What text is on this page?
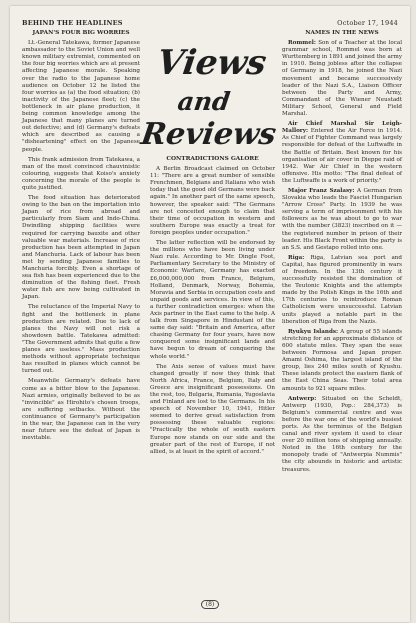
BEHIND THE HEADLINES	October 17, 1944

JAPAN'S FOUR BIG WORRIES

Lt.-General Tatekawa, former Japanese ambassador to the Soviet Union and well known military extremist, commented on the four big worries which are at present affecting Japanese morale. Speaking over the radio to the Japanese home audience on October 12 he listed the four worries as (a) the food situation; (b) inactivity of the Japanese fleet; (c) the bottleneck in air plane production, it being common knowledge among the Japanese that many planes are turned out defective; and (d) Germany's defeats which are described as causing a "disheartening" effect on the Japanese people.

This frank admission from Tatekawa, a man of the most convinced chauvinistic colouring, suggests that Koiso's anxiety concerning the morale of the people is quite justified.

The food situation has deteriorated owing to the ban on the importation into Japan of rice from abroad and particularly from Siam and Indo-China. Dwindling shipping facilities were required for carrying bauxite and other valuable war materials. Increase of rice production has been attempted in Japan and Manchuria. Lack of labour has been met by sending Japanese families to Manchuria forcibly. Even a shortage of sea fish has been experienced due to the diminution of the fishing fleet. Fresh water fish are now being cultivated in Japan.

The reluctance of the Imperial Navy to fight and the bottleneck in plane production are related. Due to lack of planes the Navy will not risk a showdown battle. Tatekawa admitted: "The Government admits that quite a few planes are useless." Mass production methods without appropriate technique has resulted in planes which cannot be turned out.

Meanwhile Germany's defeats have come as a bitter blow to the Japanese. Nazi armies, originally believed to be as "invincible" as Hirohito's chosen troops, are suffering setbacks. Without the continuance of Germany's participation in the war, the Japanese can in the very near future see the defeat of Japan is inevitable.

Views
and
Reviews

CONTRADICTIONS GALORE

A Berlin Broadcast claimed on October 11: "There are a great number of sensible Frenchmen, Belgians and Italians who wish today that the good old Germans were back again." In another part of the same speech, however, the speaker said: "The Germans are not conceited enough to claim that their time of occupation in western and southern Europe was exactly a treat for foreign peoples under occupation."

The latter reflection will be endorsed by the millions who have been living under Nazi rule. According to Mr. Dingle Foot, Parliamentary Secretary to the Ministry of Economic Warfare, Germany has exacted £6,000,000,000 from France, Belgium, Holland, Denmark, Norway, Bohemia, Moravia and Serbia in occupation costs and unpaid goods and services. In view of this, a further contradiction emerges: when the Axis partner in the East came to the help. A talk from Singapore in Hindustani of the same day said: "Britain and America, after chasing Germany for four years, have now conquered some insignificant lands and have begun to dream of conquering the whole world."

The Axis sense of values must have changed greatly if now they think that North Africa, France, Belgium, Italy and Greece are insignificant possessions. On the rest, too, Bulgaria, Rumania, Yugoslavia and Finland are lost to the Germans. In his speech of November 10, 1941, Hitler seemed to derive great satisfaction from possessing these valuable regions: "Practically the whole of south eastern Europe now stands on our side and the greater part of the rest of Europe, if not allied, is at least in the spirit of accord."

NAMES IN THE NEWS

Rommel: Son of a Teacher at the local grammar school, Rommel was born at Wurttemberg in 1891 and joined the army in 1910. Being jobless after the collapse of Germany in 1918, he joined the Nazi movement and became successively leader of the Nazi S.A., Liaison Officer between the Party and Army, Commandant of the Wiener Neustadt Military School, General and Field Marshal.

Air Chief Marshal Sir Leigh-Mallory: Entered the Air Force in 1914. As Chief of Fighter Command was largely responsible for defeat of the Luftwaffe in the Battle of Britain. Best known for his organisation of air cover in Dieppe raid of 1942. War Air Chief in the western offensive. His motto: "The final defeat of the Luftwaffe is a work of priority."

Major Franz Szalasy: A German from Slovakia who leads the Fascist Hungarian "Arrow Cross" Party. In 1939 he was serving a term of imprisonment with his followers as he was about to go to war with the number (3823) inscribed on it — the registered number in prison of their leader. His Black Front within the party is an S.S. and Gestapo rolled into one.

Riga: Riga, Latvian sea port and Capital, has figured prominently in wars of freedom. In the 13th century it successfully resisted the domination of the Teutonic Knights and the attempts made by the Polish Kings in the 16th and 17th centuries to reintroduce Roman Catholicism were unsuccessful. Latvian units played a notable part in the liberation of Riga from the Nazis.

Ryukyu Islands: A group of 55 islands stretching for an approximate distance of 600 statute miles. They span the seas between Formosa and Japan proper. Amami Oshima, the largest island of the group, lies 240 miles south of Kyushu. These islands protect the eastern flank of the East China Seas. Their total area amounts to 921 square miles.

Antwerp: Situated on the Scheldt, Antwerp (1930, Pop.: 284,373) is Belgium's commercial centre and was before the war one of the world's busiest ports. As the terminus of the Belgian canal and river system it used to clear over 20 million tons of shipping annually. Noted in the 16th century for the monopoly trade of "Antwerpia Nummis" the city abounds in historic and artistic treasures.

(8)
